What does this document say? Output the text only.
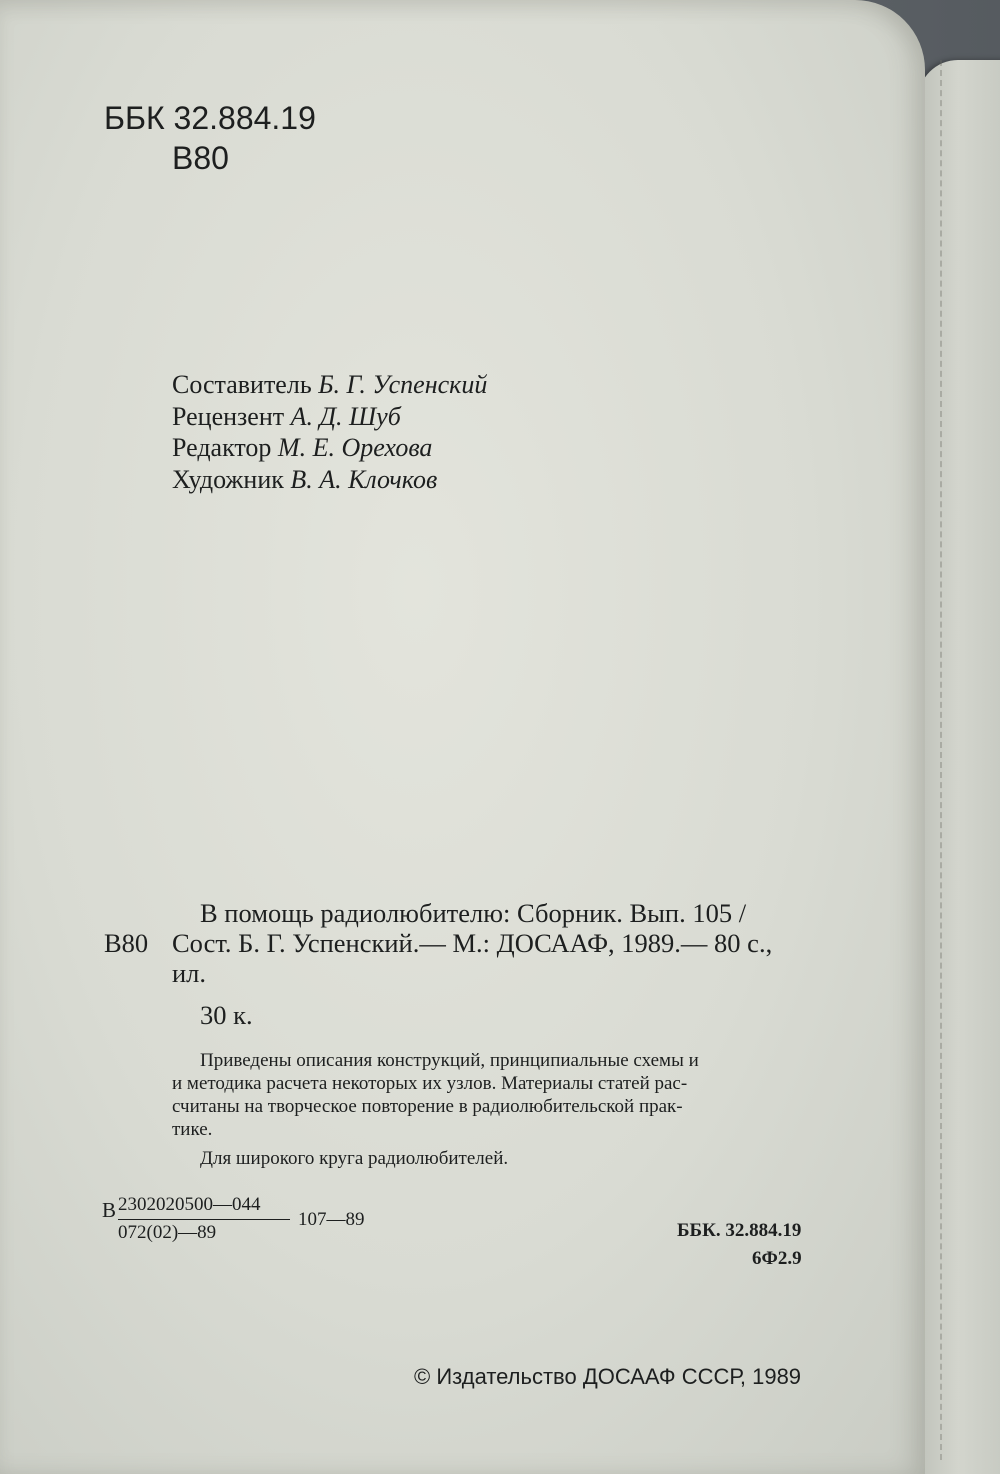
ББК 32.884.19
В80
Составитель Б. Г. Успенский
Рецензент А. Д. Шуб
Редактор М. Е. Орехова
Художник В. А. Клочков
В помощь радиолюбителю: Сборник. Вып. 105 /
В80 Сост. Б. Г. Успенский.— М.: ДОСААФ, 1989.— 80 с.,
ил.
30 к.
Приведены описания конструкций, принципиальные схемы и
и методика расчета некоторых их узлов. Материалы статей рас-
считаны на творческое повторение в радиолюбительской прак-
тике.
Для широкого круга радиолюбителей.
В 2302020500—044
072(02)—89
107—89
ББК. 32.884.19
6Ф2.9
© Издательство ДОСААФ СССР, 1989
